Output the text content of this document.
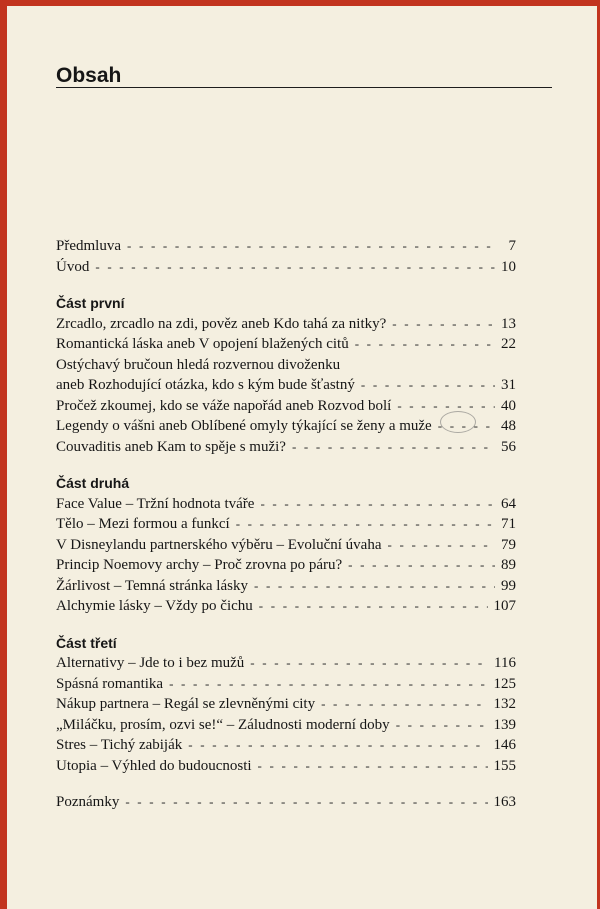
Obsah
Předmluva - - -	7
Úvod - - -	10
Část první
Zrcadlo, zrcadlo na zdi, pověz aneb Kdo tahá za nitky? - - -	13
Romantická láska aneb V opojení blažených citů - - -	22
Ostýchavý bručoun hledá rozvernou divoženku
aneb Rozhodující otázka, kdo s kým bude šťastný - - -	31
Pročež zkoumej, kdo se váže napořád aneb Rozvod bolí - - -	40
Legendy o vášni aneb Oblíbené omyly týkající se ženy a muže - - -	48
Couvaditis aneb Kam to spěje s muži? - - -	56
Část druhá
Face Value – Tržní hodnota tváře - - -	64
Tělo – Mezi formou a funkcí - - -	71
V Disneylandu partnerského výběru – Evoluční úvaha - - -	79
Princip Noemovy archy – Proč zrovna po páru? - - -	89
Žárlivost – Temná stránka lásky - - -	99
Alchymie lásky – Vždy po čichu - - -	107
Část třetí
Alternativy – Jde to i bez mužů - - -	116
Spásná romantika - - -	125
Nákup partnera – Regál se zlevněnými city - - -	132
„Miláčku, prosím, ozvi se!“ – Záludnosti moderní doby - - -	139
Stres – Tichý zabiják - - -	146
Utopia – Výhled do budoucnosti - - -	155
Poznámky - - -	163
